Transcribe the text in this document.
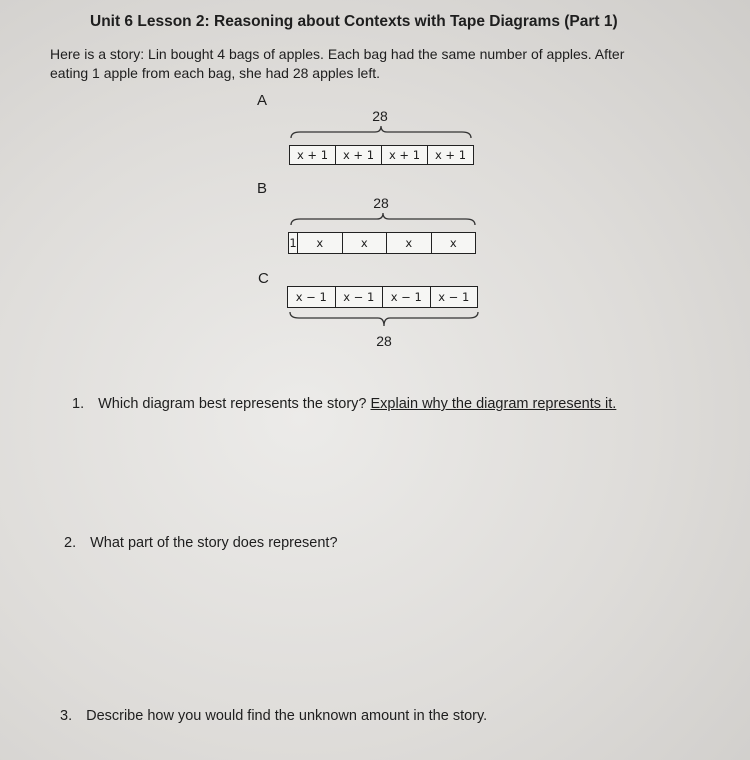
Unit 6 Lesson 2: Reasoning about Contexts with Tape Diagrams (Part 1)
Here is a story: Lin bought 4 bags of apples. Each bag had the same number of apples. After
eating 1 apple from each bag, she had 28 apples left.
A
28
x + 1	x + 1	x + 1	x + 1
B
28
1	x	x	x	x
C
x − 1	x − 1	x − 1	x − 1
28
1. Which diagram best represents the story? Explain why the diagram represents it.
2. What part of the story does represent?
3. Describe how you would find the unknown amount in the story.
